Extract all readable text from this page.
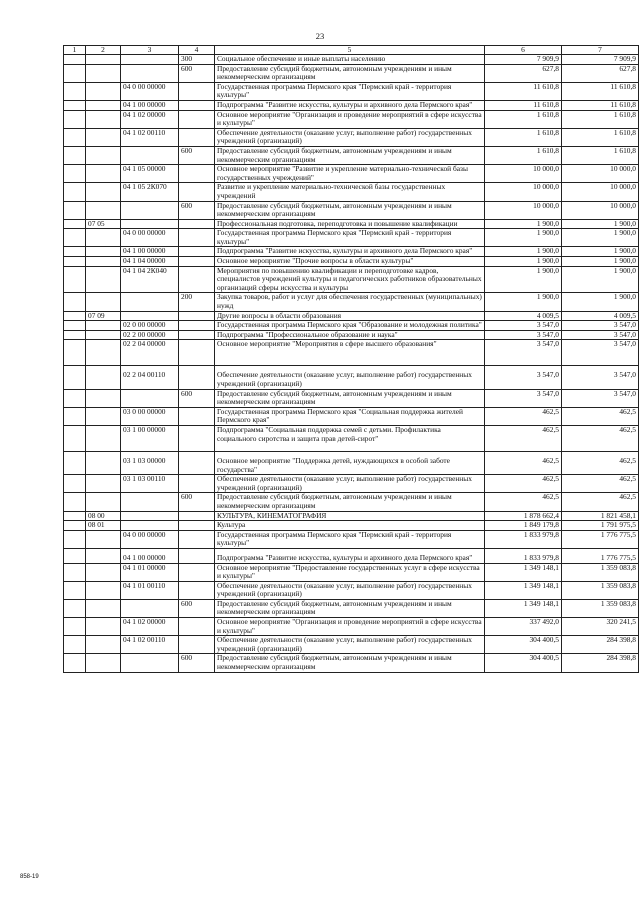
23
1	2	3	4	5	6	7
			300	Социальное обеспечение и иные выплаты населению	7 909,9	7 909,9
			600	Предоставление субсидий бюджетным, автономным учреждениям и иным некоммерческим организациям	627,8	627,8
		04 0 00 00000		Государственная программа Пермского края "Пермский край - территория культуры"	11 610,8	11 610,8
		04 1 00 00000		Подпрограмма "Развитие искусства, культуры и архивного дела Пермского края"	11 610,8	11 610,8
		04 1 02 00000		Основное мероприятие "Организация и проведение мероприятий в сфере искусства и культуры"	1 610,8	1 610,8
		04 1 02 00110		Обеспечение деятельности (оказание услуг, выполнение работ) государственных учреждений (организаций)	1 610,8	1 610,8
			600	Предоставление субсидий бюджетным, автономным учреждениям и иным некоммерческим организациям	1 610,8	1 610,8
		04 1 05 00000		Основное мероприятие "Развитие и укрепление материально-технической базы государственных учреждений"	10 000,0	10 000,0
		04 1 05 2К070		Развитие и укрепление материально-технической базы государственных учреждений	10 000,0	10 000,0
			600	Предоставление субсидий бюджетным, автономным учреждениям и иным некоммерческим организациям	10 000,0	10 000,0
	07 05			Профессиональная подготовка, переподготовка и повышение квалификации	1 900,0	1 900,0
		04 0 00 00000		Государственная программа Пермского края "Пермский край - территория культуры"	1 900,0	1 900,0
		04 1 00 00000		Подпрограмма "Развитие искусства, культуры и архивного дела Пермского края"	1 900,0	1 900,0
		04 1 04 00000		Основное мероприятие "Прочие вопросы в области культуры"	1 900,0	1 900,0
		04 1 04 2К040		Мероприятия по повышению квалификации и переподготовке кадров, специалистов учреждений культуры и педагогических работников образовательных организаций сферы искусства и культуры	1 900,0	1 900,0
			200	Закупка товаров, работ и услуг для обеспечения государственных (муниципальных) нужд	1 900,0	1 900,0
	07 09			Другие вопросы в области образования	4 009,5	4 009,5
		02 0 00 00000		Государственная программа Пермского края "Образование и молодежная политика"	3 547,0	3 547,0
		02 2 00 00000		Подпрограмма "Профессиональное образование и наука"	3 547,0	3 547,0
		02 2 04 00000		Основное мероприятие "Мероприятия в сфере высшего образования"	3 547,0	3 547,0
		02 2 04 00110		Обеспечение деятельности (оказание услуг, выполнение работ) государственных учреждений (организаций)	3 547,0	3 547,0
			600	Предоставление субсидий бюджетным, автономным учреждениям и иным некоммерческим организациям	3 547,0	3 547,0
		03 0 00 00000		Государственная программа Пермского края "Социальная поддержка жителей Пермского края"	462,5	462,5
		03 1 00 00000		Подпрограмма "Социальная поддержка семей с детьми. Профилактика социального сиротства и защита прав детей-сирот"	462,5	462,5
		03 1 03 00000		Основное мероприятие "Поддержка детей, нуждающихся в особой заботе государства"	462,5	462,5
		03 1 03 00110		Обеспечение деятельности (оказание услуг, выполнение работ) государственных учреждений (организаций)	462,5	462,5
			600	Предоставление субсидий бюджетным, автономным учреждениям и иным некоммерческим организациям	462,5	462,5
	08 00			КУЛЬТУРА, КИНЕМАТОГРАФИЯ	1 878 662,4	1 821 458,1
	08 01			Культура	1 849 179,8	1 791 975,5
		04 0 00 00000		Государственная программа Пермского края "Пермский край - территория культуры"	1 833 979,8	1 776 775,5
		04 1 00 00000		Подпрограмма "Развитие искусства, культуры и архивного дела Пермского края"	1 833 979,8	1 776 775,5
		04 1 01 00000		Основное мероприятие "Предоставление государственных услуг в сфере искусства и культуры"	1 349 148,1	1 359 083,8
		04 1 01 00110		Обеспечение деятельности (оказание услуг, выполнение работ) государственных учреждений (организаций)	1 349 148,1	1 359 083,8
			600	Предоставление субсидий бюджетным, автономным учреждениям и иным некоммерческим организациям	1 349 148,1	1 359 083,8
		04 1 02 00000		Основное мероприятие "Организация и проведение мероприятий в сфере искусства и культуры"	337 492,0	320 241,5
		04 1 02 00110		Обеспечение деятельности (оказание услуг, выполнение работ) государственных учреждений (организаций)	304 400,5	284 398,8
			600	Предоставление субсидий бюджетным, автономным учреждениям и иным некоммерческим организациям	304 400,5	284 398,8
858-19
